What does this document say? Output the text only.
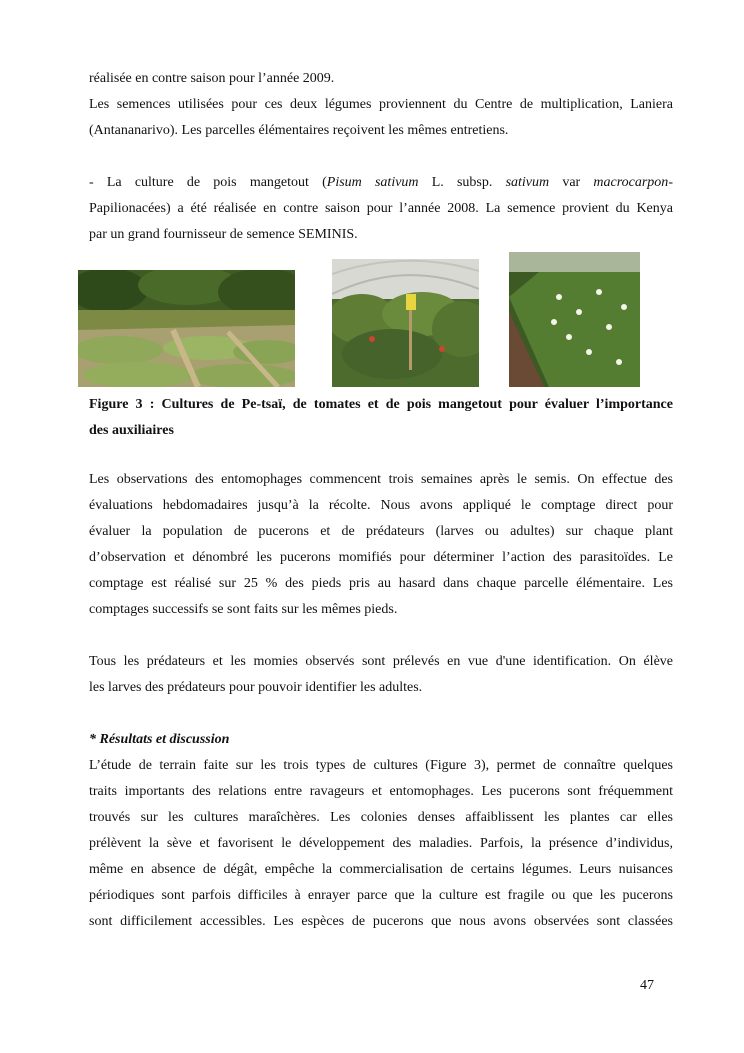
réalisée en contre saison pour l’année 2009.
Les semences utilisées pour ces deux légumes proviennent du Centre de multiplication, Laniera
(Antananarivo). Les parcelles élémentaires reçoivent les mêmes entretiens.
- La culture de pois mangetout (Pisum sativum L. subsp. sativum var macrocarpon-
Papilionacées) a été réalisée en contre saison pour l’année 2008. La semence provient du Kenya
par un grand fournisseur de semence SEMINIS.
Figure 3 : Cultures de Pe-tsaï, de tomates et de pois mangetout pour évaluer l’importance
des auxiliaires
Les observations des entomophages commencent trois semaines après le semis. On effectue des
évaluations hebdomadaires jusqu’à la récolte. Nous avons appliqué le comptage direct pour
évaluer la population de pucerons et de prédateurs (larves ou adultes) sur chaque plant
d’observation et dénombré les pucerons momifiés pour déterminer l’action des parasitoïdes. Le
comptage est réalisé sur 25 % des pieds pris au hasard dans chaque parcelle élémentaire. Les
comptages successifs se sont faits sur les mêmes pieds.
Tous les prédateurs et les momies observés sont prélevés en vue d'une identification. On élève
les larves des prédateurs pour pouvoir identifier les adultes.
* Résultats et discussion
L’étude de terrain faite sur les trois types de cultures (Figure 3), permet de connaître quelques
traits importants des relations entre ravageurs et entomophages. Les pucerons sont fréquemment
trouvés sur les cultures maraîchères. Les colonies denses affaiblissent les plantes car elles
prélèvent la sève et favorisent le développement des maladies. Parfois, la présence d’individus,
même en absence de dégât, empêche la commercialisation de certains légumes. Leurs nuisances
périodiques sont parfois difficiles à enrayer parce que la culture est fragile ou que les pucerons
sont difficilement accessibles. Les espèces de pucerons que nous avons observées sont classées
47
